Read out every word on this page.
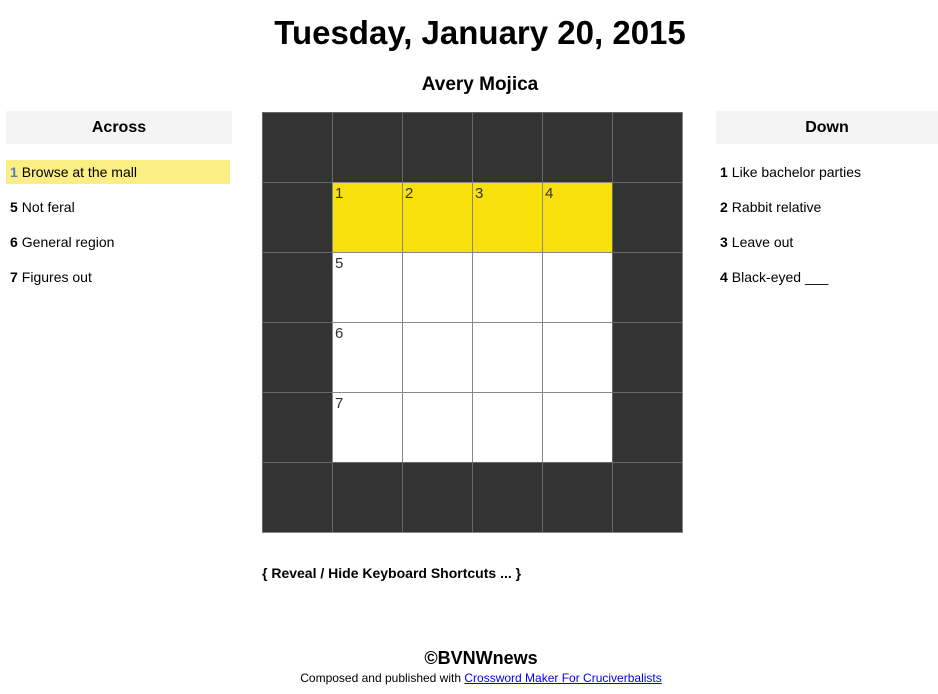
Tuesday, January 20, 2015
Avery Mojica
Across
1 Browse at the mall
5 Not feral
6 General region
7 Figures out
1	2	3	4
5
6
7
Down
1 Like bachelor parties
2 Rabbit relative
3 Leave out
4 Black-eyed ___
{ Reveal / Hide Keyboard Shortcuts ... }
©BVNWnews
Composed and published with Crossword Maker For Cruciverbalists
